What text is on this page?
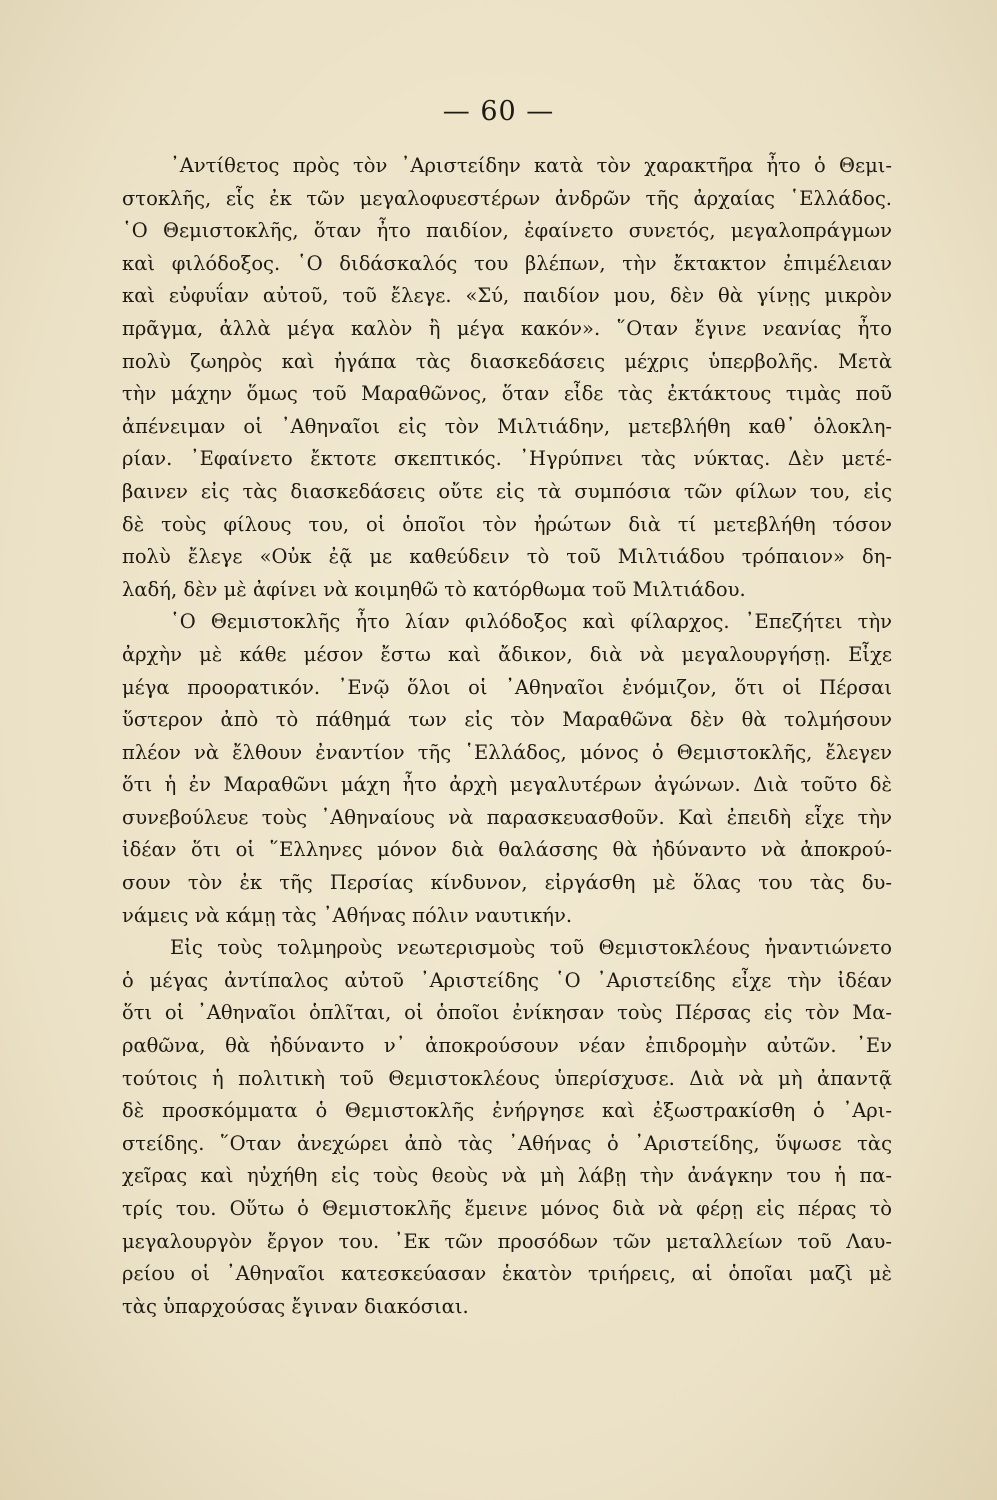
— 60 —
᾿Αντίθετος πρὸς τὸν ᾿Αριστείδην κατὰ τὸν χαρακτῆρα ἦτο ὁ Θεμι-
στοκλῆς, εἷς ἐκ τῶν μεγαλοφυεστέρων ἀνδρῶν τῆς ἀρχαίας ῾Ελλάδος.
῾Ο Θεμιστοκλῆς, ὅταν ἦτο παιδίον, ἐφαίνετο συνετός, μεγαλοπράγμων
καὶ φιλόδοξος. ῾Ο διδάσκαλός του βλέπων, τὴν ἔκτακτον ἐπιμέλειαν
καὶ εὐφυΐαν αὐτοῦ, τοῦ ἔλεγε. «Σύ, παιδίον μου, δὲν θὰ γίνῃς μικρὸν
πρᾶγμα, ἀλλὰ μέγα καλὸν ἢ μέγα κακόν». ῞Οταν ἔγινε νεανίας ἦτο
πολὺ ζωηρὸς καὶ ἠγάπα τὰς διασκεδάσεις μέχρις ὑπερβολῆς. Μετὰ
τὴν μάχην ὅμως τοῦ Μαραθῶνος, ὅταν εἶδε τὰς ἐκτάκτους τιμὰς ποῦ
ἀπένειμαν οἱ ᾿Αθηναῖοι εἰς τὸν Μιλτιάδην, μετεβλήθη καθ᾿ ὁλοκλη-
ρίαν. ᾿Εφαίνετο ἔκτοτε σκεπτικός. ᾿Ηγρύπνει τὰς νύκτας. Δὲν μετέ-
βαινεν εἰς τὰς διασκεδάσεις οὔτε εἰς τὰ συμπόσια τῶν φίλων του, εἰς
δὲ τοὺς φίλους του, οἱ ὁποῖοι τὸν ἠρώτων διὰ τί μετεβλήθη τόσον
πολὺ ἔλεγε «Οὐκ ἐᾷ με καθεύδειν τὸ τοῦ Μιλτιάδου τρόπαιον» δη-
λαδή, δὲν μὲ ἀφίνει νὰ κοιμηθῶ τὸ κατόρθωμα τοῦ Μιλτιάδου.
῾Ο Θεμιστοκλῆς ἦτο λίαν φιλόδοξος καὶ φίλαρχος. ᾿Επεζήτει τὴν
ἀρχὴν μὲ κάθε μέσον ἔστω καὶ ἄδικον, διὰ νὰ μεγαλουργήσῃ. Εἶχε
μέγα προορατικόν. ᾿Ενῷ ὅλοι οἱ ᾿Αθηναῖοι ἐνόμιζον, ὅτι οἱ Πέρσαι
ὕστερον ἀπὸ τὸ πάθημά των εἰς τὸν Μαραθῶνα δὲν θὰ τολμήσουν
πλέον νὰ ἔλθουν ἐναντίον τῆς ῾Ελλάδος, μόνος ὁ Θεμιστοκλῆς, ἔλεγεν
ὅτι ἡ ἐν Μαραθῶνι μάχη ἦτο ἀρχὴ μεγαλυτέρων ἀγώνων. Διὰ τοῦτο δὲ
συνεβούλευε τοὺς ᾿Αθηναίους νὰ παρασκευασθοῦν. Καὶ ἐπειδὴ εἶχε τὴν
ἰδέαν ὅτι οἱ ῞Ελληνες μόνον διὰ θαλάσσης θὰ ἠδύναντο νὰ ἀποκρού-
σουν τὸν ἐκ τῆς Περσίας κίνδυνον, εἰργάσθη μὲ ὅλας του τὰς δυ-
νάμεις νὰ κάμῃ τὰς ᾿Αθήνας πόλιν ναυτικήν.
Εἰς τοὺς τολμηροὺς νεωτερισμοὺς τοῦ Θεμιστοκλέους ἠναντιώνετο
ὁ μέγας ἀντίπαλος αὐτοῦ ᾿Αριστείδης ῾Ο ᾿Αριστείδης εἶχε τὴν ἰδέαν
ὅτι οἱ ᾿Αθηναῖοι ὁπλῖται, οἱ ὁποῖοι ἐνίκησαν τοὺς Πέρσας εἰς τὸν Μα-
ραθῶνα, θὰ ἠδύναντο ν᾿ ἀποκρούσουν νέαν ἐπιδρομὴν αὐτῶν. ᾿Εν
τούτοις ἡ πολιτικὴ τοῦ Θεμιστοκλέους ὑπερίσχυσε. Διὰ νὰ μὴ ἀπαντᾷ
δὲ προσκόμματα ὁ Θεμιστοκλῆς ἐνήργησε καὶ ἐξωστρακίσθη ὁ ᾿Αρι-
στείδης. ῞Οταν ἀνεχώρει ἀπὸ τὰς ᾿Αθήνας ὁ ᾿Αριστείδης, ὕψωσε τὰς
χεῖρας καὶ ηὐχήθη εἰς τοὺς θεοὺς νὰ μὴ λάβῃ τὴν ἀνάγκην του ἡ πα-
τρίς του. Οὕτω ὁ Θεμιστοκλῆς ἔμεινε μόνος διὰ νὰ φέρῃ εἰς πέρας τὸ
μεγαλουργὸν ἔργον του. ᾿Εκ τῶν προσόδων τῶν μεταλλείων τοῦ Λαυ-
ρείου οἱ ᾿Αθηναῖοι κατεσκεύασαν ἑκατὸν τριήρεις, αἱ ὁποῖαι μαζὶ μὲ
τὰς ὑπαρχούσας ἔγιναν διακόσιαι.
